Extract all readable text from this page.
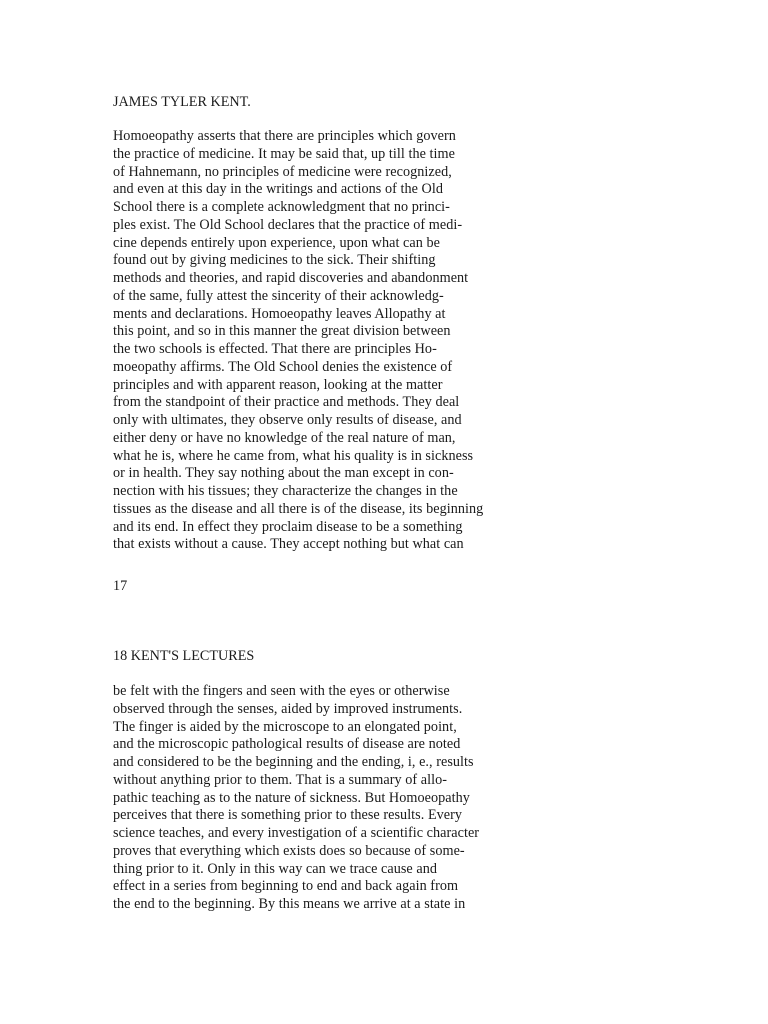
JAMES TYLER KENT.
Homoeopathy asserts that there are principles which govern
the practice of medicine. It may be said that, up till the time
of Hahnemann, no principles of medicine were recognized,
and even at this day in the writings and actions of the Old
School there is a complete acknowledgment that no princi-
ples exist. The Old School declares that the practice of medi-
cine depends entirely upon experience, upon what can be
found out by giving medicines to the sick. Their shifting
methods and theories, and rapid discoveries and abandonment
of the same, fully attest the sincerity of their acknowledg-
ments and declarations. Homoeopathy leaves Allopathy at
this point, and so in this manner the great division between
the two schools is effected. That there are principles Ho-
moeopathy affirms. The Old School denies the existence of
principles and with apparent reason, looking at the matter
from the standpoint of their practice and methods. They deal
only with ultimates, they observe only results of disease, and
either deny or have no knowledge of the real nature of man,
what he is, where he came from, what his quality is in sickness
or in health. They say nothing about the man except in con-
nection with his tissues; they characterize the changes in the
tissues as the disease and all there is of the disease, its beginning
and its end. In effect they proclaim disease to be a something
that exists without a cause. They accept nothing but what can
17
18 KENT'S LECTURES
be felt with the fingers and seen with the eyes or otherwise
observed through the senses, aided by improved instruments.
The finger is aided by the microscope to an elongated point,
and the microscopic pathological results of disease are noted
and considered to be the beginning and the ending, i, e., results
without anything prior to them. That is a summary of allo-
pathic teaching as to the nature of sickness. But Homoeopathy
perceives that there is something prior to these results. Every
science teaches, and every investigation of a scientific character
proves that everything which exists does so because of some-
thing prior to it. Only in this way can we trace cause and
effect in a series from beginning to end and back again from
the end to the beginning. By this means we arrive at a state in
